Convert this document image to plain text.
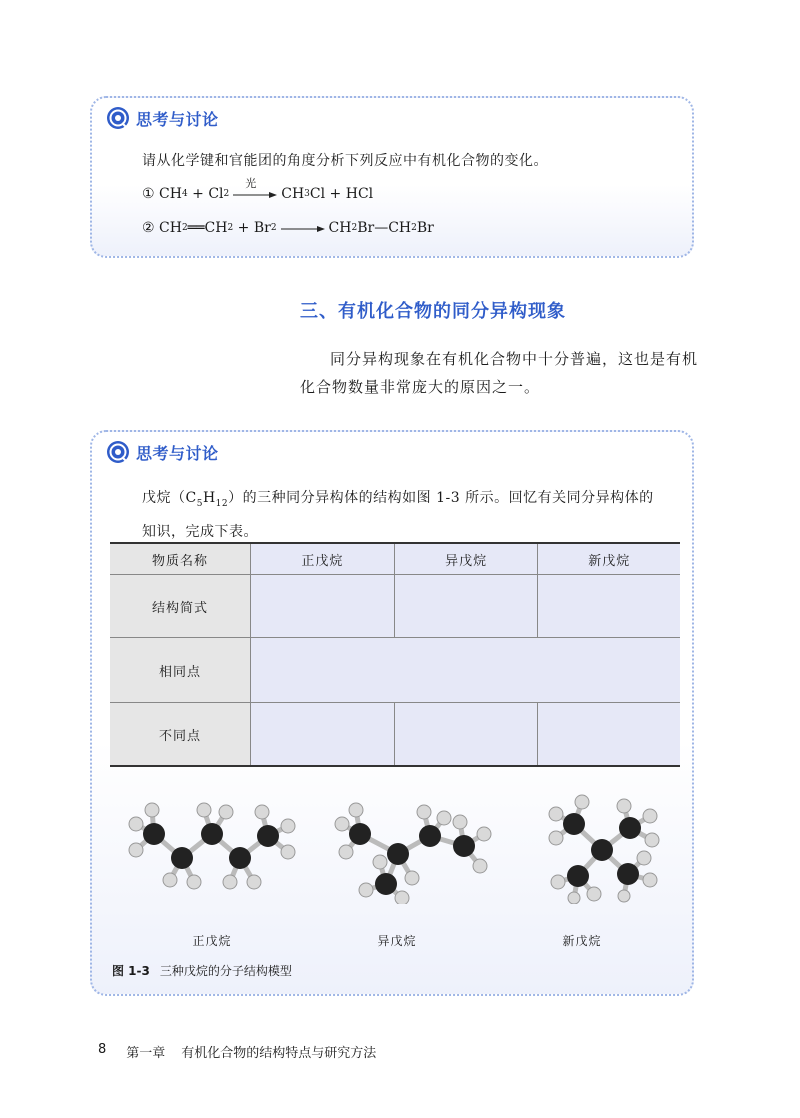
思考与讨论
请从化学键和官能团的角度分析下列反应中有机化合物的变化。
①
CH 4 + Cl 2
光
CH 3 Cl + HCl
②
CH 2 ══ CH 2 + Br 2 → CH 2 Br — CH 2 Br
三、有机化合物的同分异构现象
同分异构现象在有机化合物中十分普遍，这也是有机
化合物数量非常庞大的原因之一。
思考与讨论
戊烷$(C_5H_{12})$的三种同分异构体的结构如图 1-3 所示。回忆有关同分异构体的
知识，完成下表。
物质名称	正戊烷	异戊烷	新戊烷
结构简式			
相同点			
不同点			
正戊烷	异戊烷	新戊烷
图 1-3 三种戊烷的分子结构模型
8 第一章 有机化合物的结构特点与研究方法
